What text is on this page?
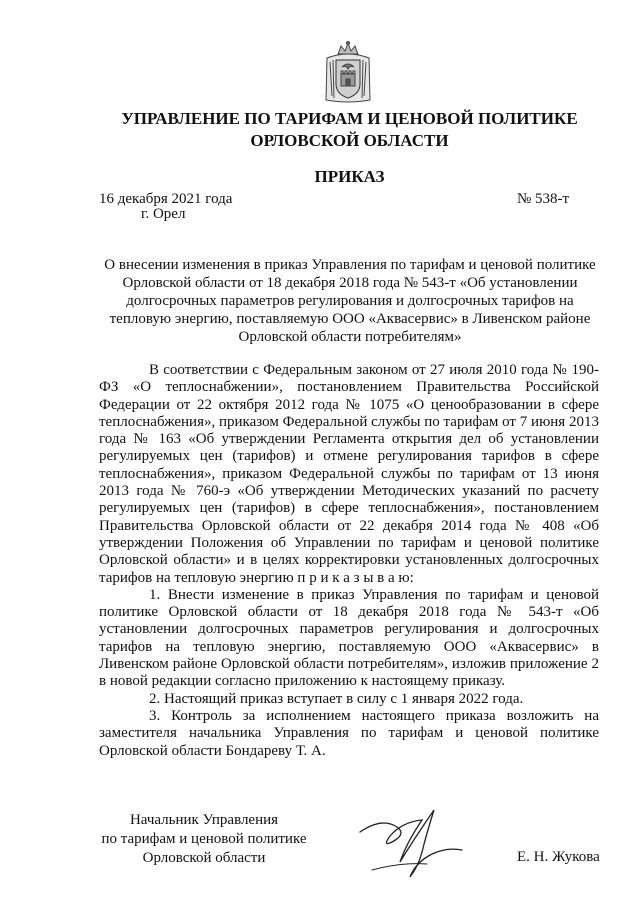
УПРАВЛЕНИЕ ПО ТАРИФАМ И ЦЕНОВОЙ ПОЛИТИКЕ
ОРЛОВСКОЙ ОБЛАСТИ
ПРИКАЗ
16 декабря 2021 года
г. Орел
№ 538-т
О внесении изменения в приказ Управления по тарифам и ценовой политике
Орловской области от 18 декабря 2018 года № 543-т «Об установлении
долгосрочных параметров регулирования и долгосрочных тарифов на
тепловую энергию, поставляемую ООО «Аквасервис» в Ливенском районе
Орловской области потребителям»

В соответствии с Федеральным законом от 27 июля 2010 года № 190-ФЗ «О теплоснабжении», постановлением Правительства Российской Федерации от 22 октября 2012 года № 1075 «О ценообразовании в сфере теплоснабжения», приказом Федеральной службы по тарифам от 7 июня 2013 года № 163 «Об утверждении Регламента открытия дел об установлении регулируемых цен (тарифов) и отмене регулирования тарифов в сфере теплоснабжения», приказом Федеральной службы по тарифам от 13 июня 2013 года № 760-э «Об утверждении Методических указаний по расчету регулируемых цен (тарифов) в сфере теплоснабжения», постановлением Правительства Орловской области от 22 декабря 2014 года № 408 «Об утверждении Положения об Управлении по тарифам и ценовой политике Орловской области» и в целях корректировки установленных долгосрочных тарифов на тепловую энергию п р и к а з ы в а ю:

1. Внести изменение в приказ Управления по тарифам и ценовой политике Орловской области от 18 декабря 2018 года № 543-т «Об установлении долгосрочных параметров регулирования и долгосрочных тарифов на тепловую энергию, поставляемую ООО «Аквасервис» в Ливенском районе Орловской области потребителям», изложив приложение 2 в новой редакции согласно приложению к настоящему приказу.

2. Настоящий приказ вступает в силу с 1 января 2022 года.

3. Контроль за исполнением настоящего приказа возложить на заместителя начальника Управления по тарифам и ценовой политике Орловской области Бондареву Т. А.

Начальник Управления
по тарифам и ценовой политике
Орловской области	Е. Н. Жукова
